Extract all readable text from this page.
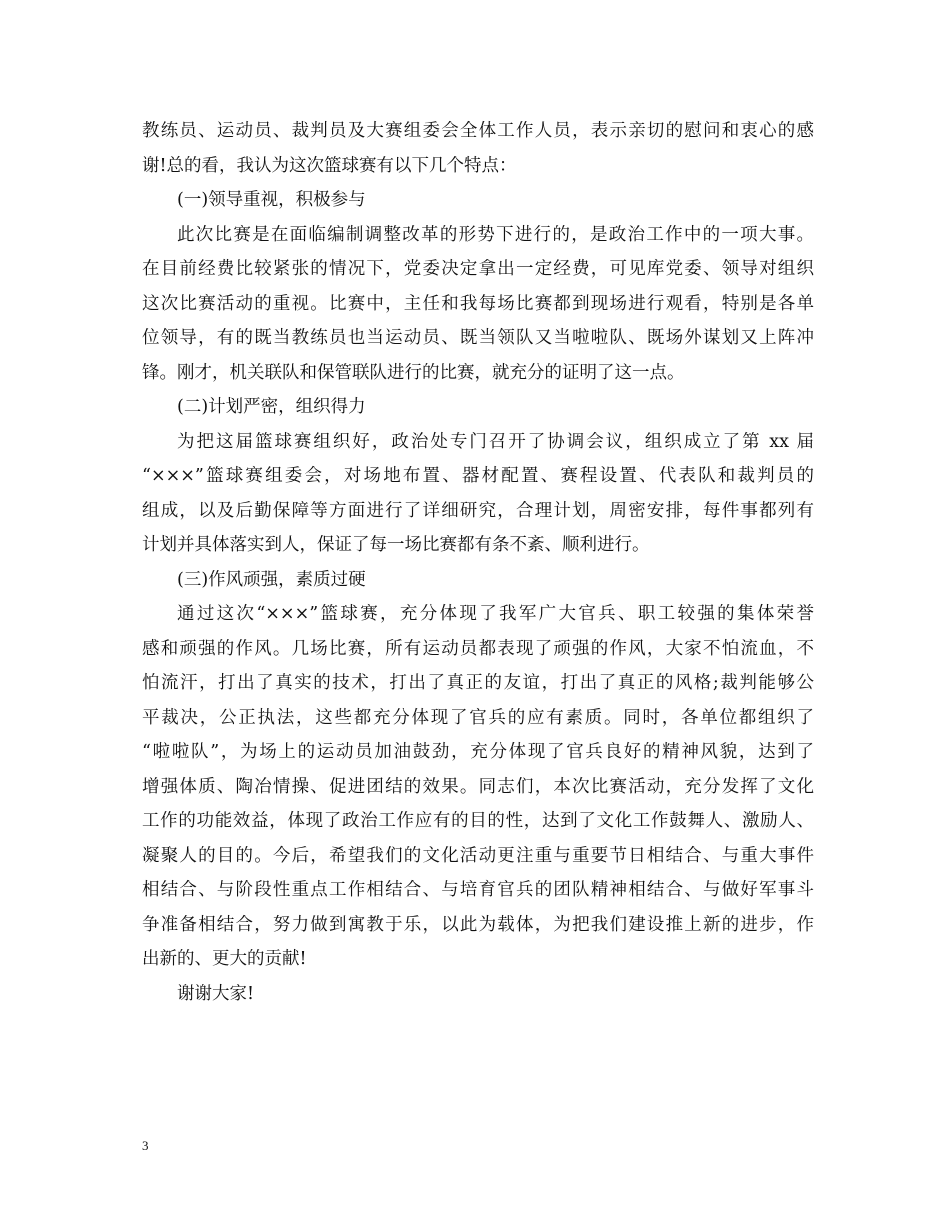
教练员、运动员、裁判员及大赛组委会全体工作人员，表示亲切的慰问和衷心的感
谢!总的看，我认为这次篮球赛有以下几个特点：
(一)领导重视，积极参与
此次比赛是在面临编制调整改革的形势下进行的，是政治工作中的一项大事。
在目前经费比较紧张的情况下，党委决定拿出一定经费，可见库党委、领导对组织
这次比赛活动的重视。比赛中，主任和我每场比赛都到现场进行观看，特别是各单
位领导，有的既当教练员也当运动员、既当领队又当啦啦队、既场外谋划又上阵冲
锋。刚才，机关联队和保管联队进行的比赛，就充分的证明了这一点。
(二)计划严密，组织得力
为把这届篮球赛组织好，政治处专门召开了协调会议，组织成立了第 xx 届
“×××”篮球赛组委会，对场地布置、器材配置、赛程设置、代表队和裁判员的
组成，以及后勤保障等方面进行了详细研究，合理计划，周密安排，每件事都列有
计划并具体落实到人，保证了每一场比赛都有条不紊、顺利进行。
(三)作风顽强，素质过硬
通过这次“×××”篮球赛，充分体现了我军广大官兵、职工较强的集体荣誉
感和顽强的作风。几场比赛，所有运动员都表现了顽强的作风，大家不怕流血，不
怕流汗，打出了真实的技术，打出了真正的友谊，打出了真正的风格;裁判能够公
平裁决，公正执法，这些都充分体现了官兵的应有素质。同时，各单位都组织了
“啦啦队”，为场上的运动员加油鼓劲，充分体现了官兵良好的精神风貌，达到了
增强体质、陶冶情操、促进团结的效果。同志们，本次比赛活动，充分发挥了文化
工作的功能效益，体现了政治工作应有的目的性，达到了文化工作鼓舞人、激励人、
凝聚人的目的。今后，希望我们的文化活动更注重与重要节日相结合、与重大事件
相结合、与阶段性重点工作相结合、与培育官兵的团队精神相结合、与做好军事斗
争准备相结合，努力做到寓教于乐，以此为载体，为把我们建设推上新的进步，作
出新的、更大的贡献!
谢谢大家!
3
